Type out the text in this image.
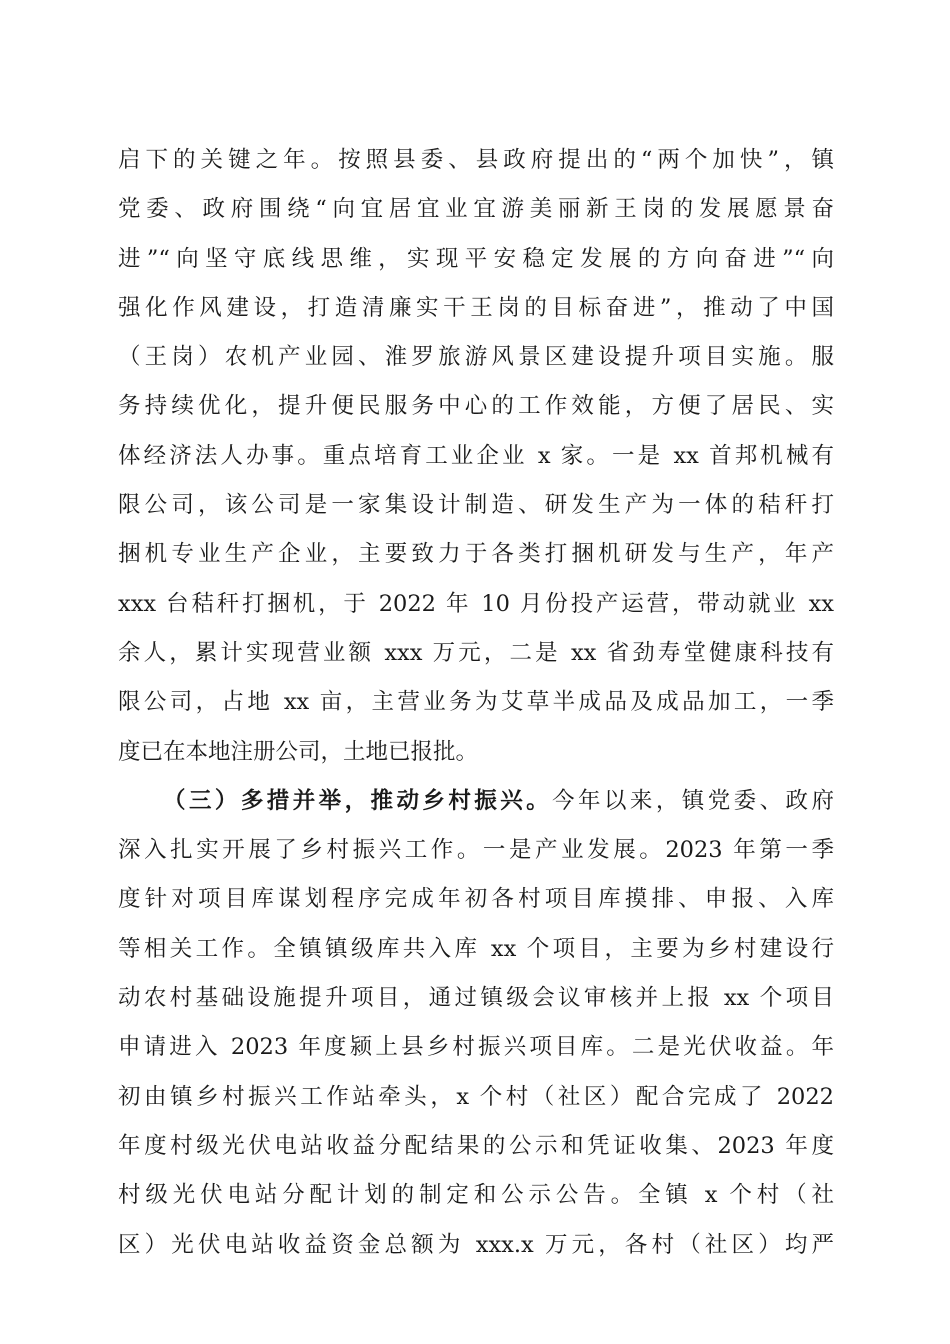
启下的关键之年。按照县委、县政府提出的“两个加快”，镇
党委、政府围绕“向宜居宜业宜游美丽新王岗的发展愿景奋
进”“向坚守底线思维，实现平安稳定发展的方向奋进”“向
强化作风建设，打造清廉实干王岗的目标奋进”，推动了中国
（王岗）农机产业园、淮罗旅游风景区建设提升项目实施。服
务持续优化，提升便民服务中心的工作效能，方便了居民、实
体经济法人办事。重点培育工业企业 x 家。一是 xx 首邦机械有
限公司，该公司是一家集设计制造、研发生产为一体的秸秆打
捆机专业生产企业，主要致力于各类打捆机研发与生产，年产
xxx 台秸秆打捆机，于 2022 年 10 月份投产运营，带动就业 xx
余人，累计实现营业额 xxx 万元，二是 xx 省劲寿堂健康科技有
限公司，占地 xx 亩，主营业务为艾草半成品及成品加工，一季
度已在本地注册公司，土地已报批。
（三）多措并举，推动乡村振兴。今年以来，镇党委、政府
深入扎实开展了乡村振兴工作。一是产业发展。2023 年第一季
度针对项目库谋划程序完成年初各村项目库摸排、申报、入库
等相关工作。全镇镇级库共入库 xx 个项目，主要为乡村建设行
动农村基础设施提升项目，通过镇级会议审核并上报 xx 个项目
申请进入 2023 年度颍上县乡村振兴项目库。二是光伏收益。年
初由镇乡村振兴工作站牵头，x 个村（社区）配合完成了 2022
年度村级光伏电站收益分配结果的公示和凭证收集、2023 年度
村级光伏电站分配计划的制定和公示公告。全镇 x 个村（社
区）光伏电站收益资金总额为 xxx.x 万元，各村（社区）均严
